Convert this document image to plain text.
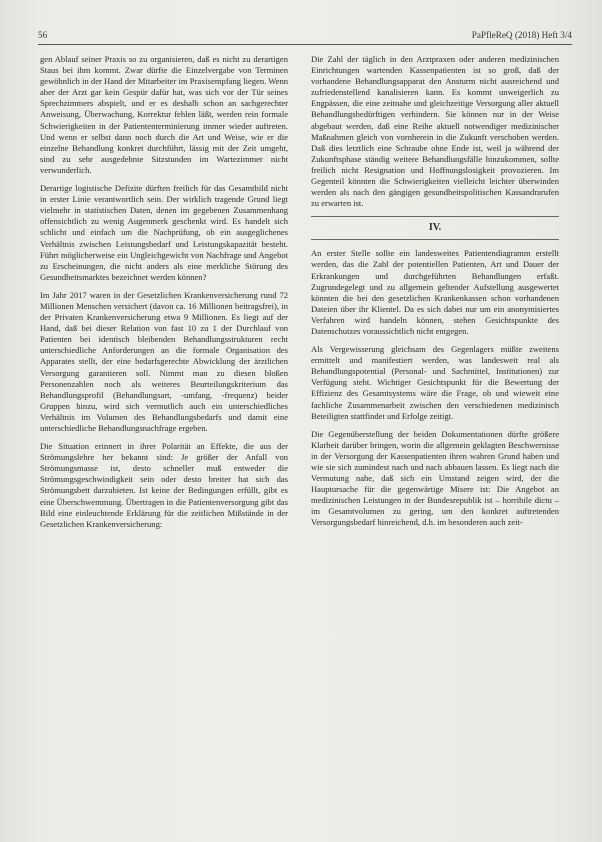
56	PaPfleReQ (2018) Heft 3/4

gen Ablauf seiner Praxis so zu organisieren, daß es nicht zu derartigen Staus bei ihm kommt. Zwar dürfte die Einzelvergabe von Terminen gewöhnlich in der Hand der Mitarbeiter im Praxisempfang liegen. Wenn aber der Arzt gar kein Gespür dafür hat, was sich vor der Tür seines Sprechzimmers abspielt, und er es deshalb schon an sachgerechter Anweisung, Überwachung, Korrektur fehlen läßt, werden rein formale Schwierigkeiten in der Patiententerminierung immer wieder auftreten. Und wenn er selbst dann noch durch die Art und Weise, wie er die einzelne Behandlung konkret durchführt, lässig mit der Zeit umgeht, sind zu sehr ausgedehnte Sitzstunden im Wartezimmer nicht verwunderlich.

Derartige logistische Defizite dürften freilich für das Gesamtbild nicht in erster Linie verantwortlich sein. Der wirklich tragende Grund liegt vielmehr in statistischen Daten, denen im gegebenen Zusammenhang offensichtlich zu wenig Augenmerk geschenkt wird. Es handelt sich schlicht und einfach um die Nachprüfung, ob ein ausgeglichenes Verhältnis zwischen Leistungsbedarf und Leistungskapazität besteht. Führt möglicherweise ein Ungleichgewicht von Nachfrage und Angebot zu Erscheinungen, die nicht anders als eine merkliche Störung des Gesundheitsmarktes bezeichnet werden können?

Im Jahr 2017 waren in der Gesetzlichen Krankenversicherung rund 72 Millionen Menschen versichert (davon ca. 16 Millionen beitragsfrei), in der Privaten Krankenversicherung etwa 9 Millionen. Es liegt auf der Hand, daß bei dieser Relation von fast 10 zu 1 der Durchlauf von Patienten bei identisch bleibenden Behandlungsstrukturen recht unterschiedliche Anforderungen an die formale Organisation des Apparates stellt, der eine bedarfsgerechte Abwicklung der ärztlichen Versorgung garantieren soll. Nimmt man zu diesen bloßen Personenzahlen noch als weiteres Beurteilungskriterium das Behandlungsprofil (Behandlungsart, -umfang, -frequenz) beider Gruppen hinzu, wird sich vermutlich auch ein unterschiedliches Verhältnis im Volumen des Behandlungsbedarfs und damit eine unterschiedliche Behandlungsnachfrage ergeben.

Die Situation erinnert in ihrer Polarität an Effekte, die aus der Strömungslehre her bekannt sind: Je größer der Anfall von Strömungsmasse ist, desto schneller muß entweder die Strömungsgeschwindigkeit sein oder desto breiter hat sich das Strömungsbett darzubieten. Ist keine der Bedingungen erfüllt, gibt es eine Überschwemmung. Übertragen in die Patientenversorgung gibt das Bild eine einleuchtende Erklärung für die zeitlichen Mißstände in der Gesetzlichen Krankenversicherung:

Die Zahl der täglich in den Arztpraxen oder anderen medizinischen Einrichtungen wartenden Kassenpatienten ist so groß, daß der vorhandene Behandlungsapparat den Ansturm nicht ausreichend und zufriedenstellend kanalisieren kann. Es kommt unweigerlich zu Engpässen, die eine zeitnahe und gleichzeitige Versorgung aller aktuell Behandlungsbedürftigen verhindern. Sie können nur in der Weise abgebaut werden, daß eine Reihe aktuell notwendiger medizinischer Maßnahmen gleich von vornherein in die Zukunft verschoben werden. Daß dies letztlich eine Schraube ohne Ende ist, weil ja während der Zukunftsphase ständig weitere Behandlungsfälle hinzukommen, sollte freilich nicht Resignation und Hoffnungslosigkeit provozieren. Im Gegenteil könnten die Schwierigkeiten vielleicht leichter überwinden werden als nach den gängigen gesundheitspolitischen Kassandrarufen zu erwarten ist.

IV.

An erster Stelle sollte ein landesweites Patientendiagramm erstellt werden, das die Zahl der potentiellen Patienten, Art und Dauer der Erkrankungen und durchgeführten Behandlungen erfaßt. Zugrundegelegt und zu allgemein geltender Aufstellung ausgewertet könnten die bei den gesetzlichen Krankenkassen schon vorhandenen Dateien über ihr Klientel. Da es sich dabei nur um ein anonymisiertes Verfahren wird handeln können, stehen Gesichtspunkte des Datenschutzes voraussichtlich nicht entgegen.

Als Vergewisserung gleichsam des Gegenlagers müßte zweitens ermittelt und manifestiert werden, was landesweit real als Behandlungspotential (Personal- und Sachmittel, Institutionen) zur Verfügung steht. Wichtiger Gesichtspunkt für die Bewertung der Effizienz des Gesamtsystems wäre die Frage, ob und wieweit eine fachliche Zusammenarbeit zwischen den verschiedenen medizinisch Beteiligten stattfindet und Erfolge zeitigt.

Die Gegenüberstellung der beiden Dokumentationen dürfte größere Klarheit darüber bringen, worin die allgemein geklagten Beschwernisse in der Versorgung der Kassenpatienten ihren wahren Grund haben und wie sie sich zumindest nach und nach abbauen lassen. Es liegt nach die Vermutung nahe, daß sich ein Umstand zeigen wird, der die Hauptursache für die gegenwärtige Misere ist: Die Angebot an medizinischen Leistungen in der Bundesrepublik ist – horribile dictu – im Gesamtvolumen zu gering, um den konkret auftretenden Versorgungsbedarf hinreichend, d.h. im besonderen auch zeit-
